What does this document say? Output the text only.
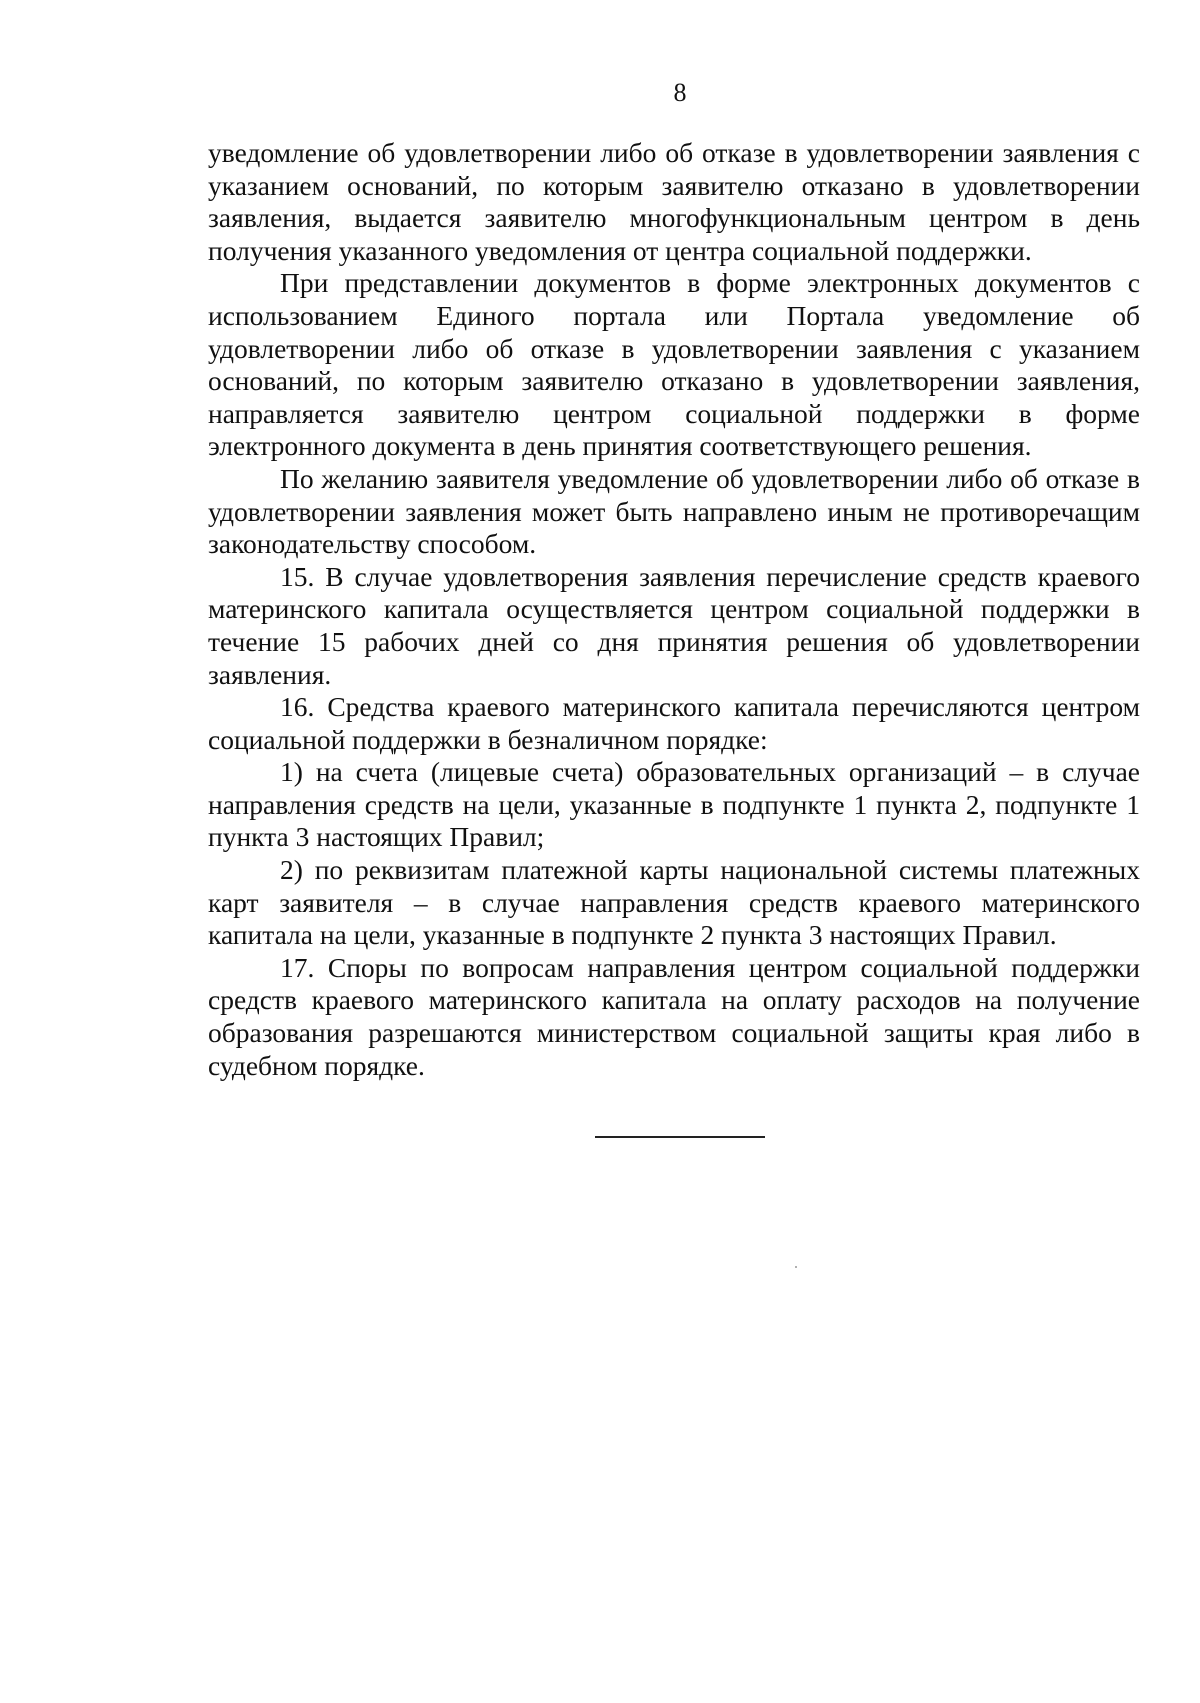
8

уведомление об удовлетворении либо об отказе в удовлетворении заявления с указанием оснований, по которым заявителю отказано в удовлетворении заявления, выдается заявителю многофункциональным центром в день получения указанного уведомления от центра социальной поддержки.

При представлении документов в форме электронных документов с использованием Единого портала или Портала уведомление об удовлетворении либо об отказе в удовлетворении заявления с указанием оснований, по которым заявителю отказано в удовлетворении заявления, направляется заявителю центром социальной поддержки в форме электронного документа в день принятия соответствующего решения.

По желанию заявителя уведомление об удовлетворении либо об отказе в удовлетворении заявления может быть направлено иным не противоречащим законодательству способом.

15. В случае удовлетворения заявления перечисление средств краевого материнского капитала осуществляется центром социальной поддержки в течение 15 рабочих дней со дня принятия решения об удовлетворении заявления.

16. Средства краевого материнского капитала перечисляются центром социальной поддержки в безналичном порядке:

1) на счета (лицевые счета) образовательных организаций – в случае направления средств на цели, указанные в подпункте 1 пункта 2, подпункте 1 пункта 3 настоящих Правил;

2) по реквизитам платежной карты национальной системы платежных карт заявителя – в случае направления средств краевого материнского капитала на цели, указанные в подпункте 2 пункта 3 настоящих Правил.

17. Споры по вопросам направления центром социальной поддержки средств краевого материнского капитала на оплату расходов на получение образования разрешаются министерством социальной защиты края либо в судебном порядке.
